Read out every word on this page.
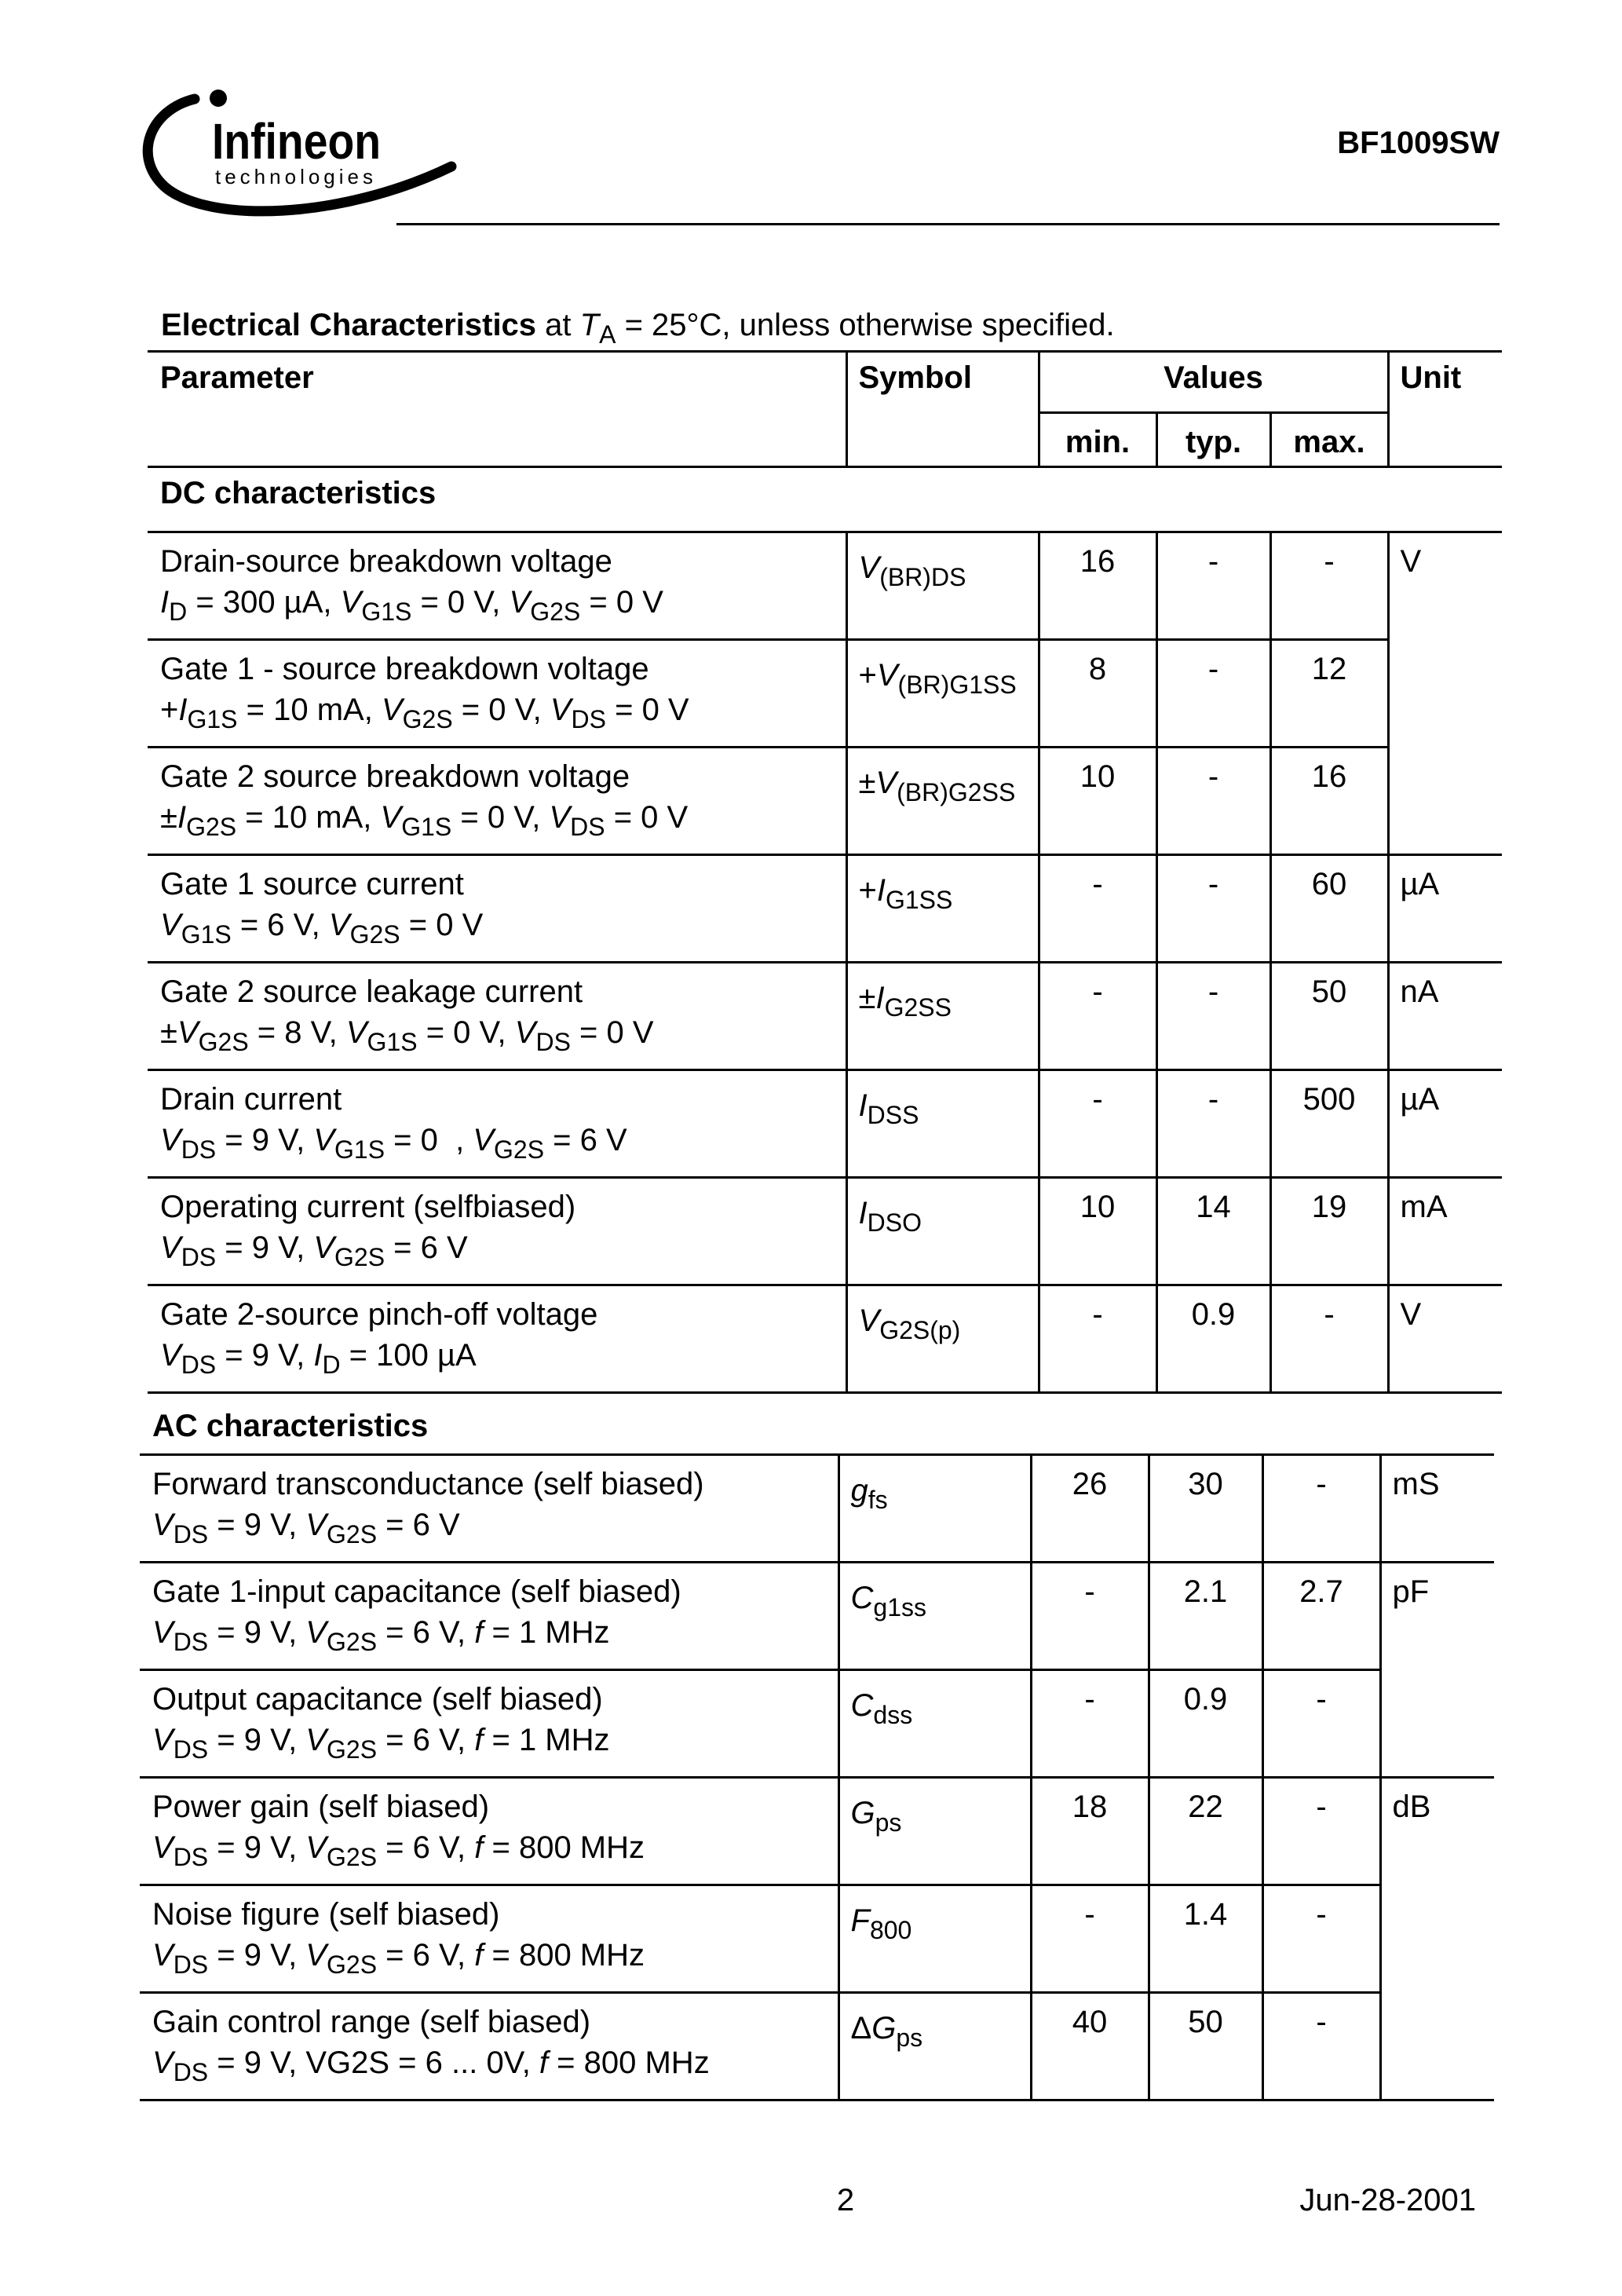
Infineon
technologies
BF1009SW
Electrical Characteristics at $T_A = 25^\circ C$, unless otherwise specified.
Parameter	Symbol	Values			Unit
		min.	typ.	max.	
DC characteristics					

Drain-source breakdown voltage
$I_D = 300$ µA, $V_{G1S} = 0$ V, $V_{G2S} = 0$ V	$V_{(BR)DS}$	16	-	-	V

Gate 1 - source breakdown voltage
$+I_{G1S} = 10$ mA, $V_{G2S} = 0$ V, $V_{DS} = 0$ V	$+V_{(BR)G1SS}$	8	-	12	

Gate 2 source breakdown voltage
$\pm I_{G2S} = 10$ mA, $V_{G1S} = 0$ V, $V_{DS} = 0$ V	$\pm V_{(BR)G2SS}$	10	-	16	

Gate 1 source current
$V_{G1S} = 6$ V, $V_{G2S} = 0$ V	$+I_{G1SS}$	-	-	60	µA

Gate 2 source leakage current
$\pm V_{G2S} = 8$ V, $V_{G1S} = 0$ V, $V_{DS} = 0$ V	$\pm I_{G2SS}$	-	-	50	nA

Drain current
$V_{DS} = 9$ V, $V_{G1S} = 0$  , $V_{G2S} = 6$ V	$I_{DSS}$	-	-	500	µA

Operating current (selfbiased)
$V_{DS} = 9$ V, $V_{G2S} = 6$ V	$I_{DSO}$	10	14	19	mA

Gate 2-source pinch-off voltage
$V_{DS} = 9$ V, $I_D = 100$ µA	$V_{G2S(p)}$	-	0.9	-	V
AC characteristics					

Forward transconductance (self biased)
$V_{DS} = 9$ V, $V_{G2S} = 6$ V	$g_{fs}$	26	30	-	mS

Gate 1-input capacitance (self biased)
$V_{DS} = 9$ V, $V_{G2S} = 6$ V, f = 1 MHz	$C_{g1ss}$	-	2.1	2.7	pF

Output capacitance (self biased)
$V_{DS} = 9$ V, $V_{G2S} = 6$ V, f = 1 MHz	$C_{dss}$	-	0.9	-	

Power gain (self biased)
$V_{DS} = 9$ V, $V_{G2S} = 6$ V, f = 800 MHz	$G_{ps}$	18	22	-	dB

Noise figure (self biased)
$V_{DS} = 9$ V, $V_{G2S} = 6$ V, f = 800 MHz	$F_{800}$	-	1.4	-	

Gain control range (self biased)
$V_{DS} = 9$ V, VG2S = 6 ... 0V, f = 800 MHz	$\Delta G_{ps}$	40	50	-	
2	Jun-28-2001
